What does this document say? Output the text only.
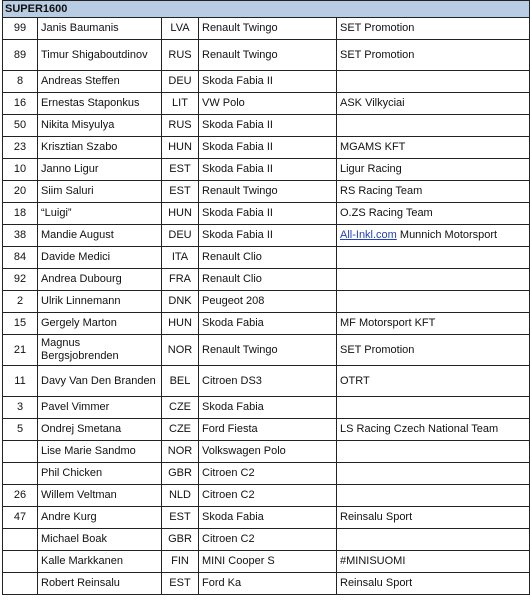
SUPER1600				
99	Janis Baumanis	LVA	Renault Twingo	SET Promotion
89	Timur Shigaboutdinov	RUS	Renault Twingo	SET Promotion
8	Andreas Steffen	DEU	Skoda Fabia II	
16	Ernestas Staponkus	LIT	VW Polo	ASK Vilkyciai
50	Nikita Misyulya	RUS	Skoda Fabia II	
23	Krisztian Szabo	HUN	Skoda Fabia II	MGAMS KFT
10	Janno Ligur	EST	Skoda Fabia II	Ligur Racing
20	Siim Saluri	EST	Renault Twingo	RS Racing Team
18	“Luigi”	HUN	Skoda Fabia II	O.ZS Racing Team
38	Mandie August	DEU	Skoda Fabia II	All-Inkl.com Munnich Motorsport
84	Davide Medici	ITA	Renault Clio	
92	Andrea Dubourg	FRA	Renault Clio	
2	Ulrik Linnemann	DNK	Peugeot 208	
15	Gergely Marton	HUN	Skoda Fabia	MF Motorsport KFT
21	Magnus Bergsjobrenden	NOR	Renault Twingo	SET Promotion
11	Davy Van Den Branden	BEL	Citroen DS3	OTRT
3	Pavel Vimmer	CZE	Skoda Fabia	
5	Ondrej Smetana	CZE	Ford Fiesta	LS Racing Czech National Team
	Lise Marie Sandmo	NOR	Volkswagen Polo	
	Phil Chicken	GBR	Citroen C2	
26	Willem Veltman	NLD	Citroen C2	
47	Andre Kurg	EST	Skoda Fabia	Reinsalu Sport
	Michael Boak	GBR	Citroen C2	
	Kalle Markkanen	FIN	MINI Cooper S	#MINISUOMI
	Robert Reinsalu	EST	Ford Ka	Reinsalu Sport
